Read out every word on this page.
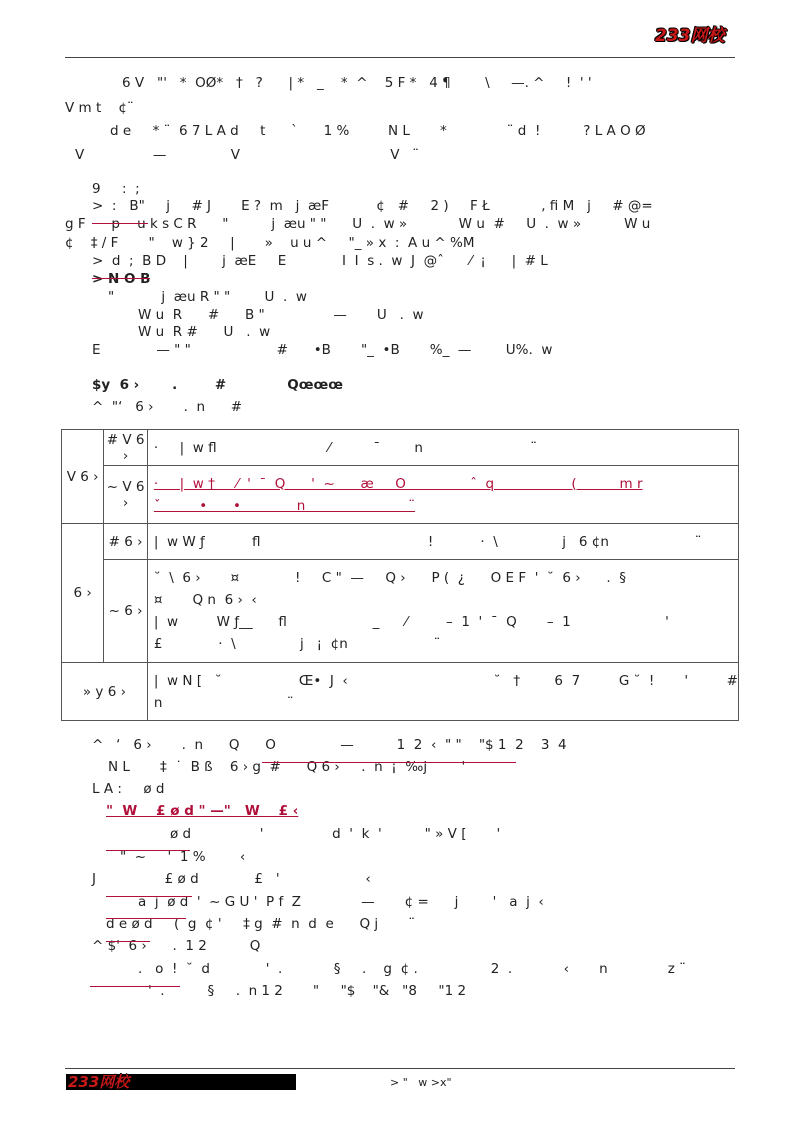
233网校
6 V   "'   *  OØ*   †   ?      | *   _    *  ^    5 F *   4 ¶        \     —. ^     !  ' '
V m t    ¢¨
d e     * ¨  6 7 L A d     t      `      1 %         N L       *              ¨ d  !          ? L A O Ø
V                —               V                                   V   ¨
9     :  ;
>  :   B"     j     # J       E ?  m   j  æF           ¢   #     2 )     F Ł            , fi M   j     # @=
g F      p    u k s C R      "          j  æu " "      U  .  w »            W u  #     U  .  w »          W u
¢    ‡ / F       "    w } 2     |       »    u u ^     "_ » x  :  A u ^ %M
>  d  ;  B D    |        j  æE     E             I  I  s .  w  J  @ˆ      ⁄  ¡      |  # L
> N O B
"           j  æu R " "        U  .  w
W u  R      #      B "                —       U   .  w
W u  R #      U   .  w
E             — " "                    #      •B       "_  •B       %_  —        U%.  w
$y  6 ›       .        #             Qœœœ
^  "‘   6 ›       .  n      #
V 6 ›	# V 6 ›	·     |  w fl                          ⁄          ˉ        n                         ¨

	~ V 6 ›	·     |  w †     ⁄  '  ˉ  Q      '  ~      æ     O               ˆ  q                  (          m r
ˇ         •      •             n                        ¨

6 ›	# 6 ›	|  w W ƒ           fl                                       !           ·  \               j   6 ¢n                    ¨

	~ 6 ›	˘  \  6 ›       ¤             !     C "  —     Q ›      P (  ¿      O E F  '  ˘  6 ›      .  §
¤       Q n  6 ›  ‹
|  w         W ƒ__      fl                    _      ⁄         –  1  '  ˉ  Q       –  1                      '
£             ·  \               j   ¡  ¢n                    ¨

» y 6 ›		|  w N [   ˘                  Œ•  J  ‹                                  ˘   †        6  7         G ˘  !       '         #
n                             ¨
^   ‘   6 ›       .  n      Q      O               —          1  2  ‹  " "    "$ 1  2    3  4
N L       ‡  ˙  B ß    6 › g  #      Q 6 ›     .  n  ¡  ‰j        '
L A :     ø d
"  W    £ ø d " —"   W    £ ‹
ø d                '                d  '  k  '          " » V [       '
"  ~     '  1 %        ‹
J                £ ø d             £   '                    ‹
a  j  ø d  '  ~ G U '  P f  Z              —       ¢ =      j        '   a  j  ‹
d e ø d     (  g  ¢ '     ‡ g  #  n  d  e      Q j       ¨
^ $'  6 ›      .  1 2          Q
.   o  !  ˘  d             '  .            §     .    g  ¢ .                 2  .            ‹       n              z ¨
'  .          §     .  n 1 2       "     "$    "&   "8     "1 2
233网校	> "   w >x"
